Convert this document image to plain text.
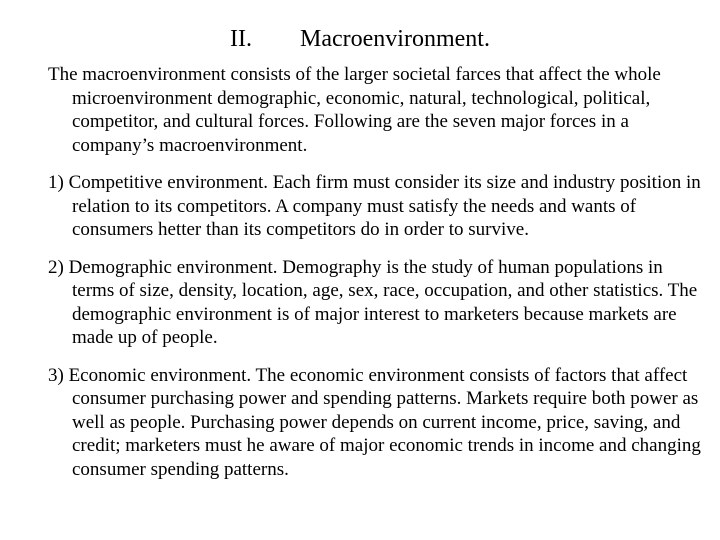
II. Macroenvironment.

The macroenvironment consists of the larger societal farces that affect the whole microenvironment demographic, economic, natural, technological, political, competitor, and cultural forces. Following are the seven major forces in a company’s macroenvironment.

1) Competitive environment. Each firm must consider its size and industry position in relation to its competitors. A company must satisfy the needs and wants of consumers hetter than its competitors do in order to survive.

2) Demographic environment. Demography is the study of human populations in terms of size, density, location, age, sex, race, occupation, and other statistics. The demographic environment is of major interest to marketers because markets are made up of people.

3) Economic environment. The economic environment consists of factors that affect consumer purchasing power and spending patterns. Markets require both power as well as people. Purchasing power depends on current income, price, saving, and credit; marketers must he aware of major economic trends in income and changing consumer spending patterns.
